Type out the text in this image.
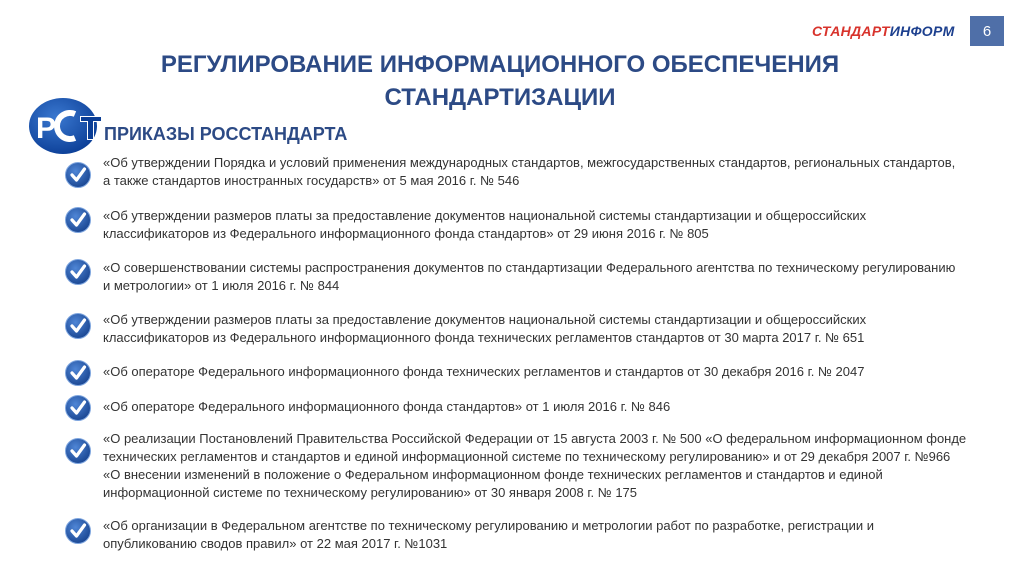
СТАНДАРТИНФОРМ	6
РЕГУЛИРОВАНИЕ ИНФОРМАЦИОННОГО ОБЕСПЕЧЕНИЯ
СТАНДАРТИЗАЦИИ
Р	ПРИКАЗЫ РОССТАНДАРТА
«Об утверждении Порядка и условий применения международных стандартов, межгосударственных стандартов, региональных стандартов,
а также стандартов иностранных государств» от 5 мая 2016 г. № 546
«Об утверждении размеров платы за предоставление документов национальной системы стандартизации и общероссийских
классификаторов из Федерального информационного фонда стандартов» от 29 июня 2016 г. № 805
«О совершенствовании системы распространения документов по стандартизации Федерального агентства по техническому регулированию
и метрологии» от 1 июля 2016 г. № 844
«Об утверждении размеров платы за предоставление документов национальной системы стандартизации и общероссийских
классификаторов из Федерального информационного фонда технических регламентов стандартов от 30 марта 2017 г. № 651
«Об операторе Федерального информационного фонда технических регламентов и стандартов от 30 декабря 2016 г. № 2047
«Об операторе Федерального информационного фонда стандартов» от 1 июля 2016 г. № 846
«О реализации Постановлений Правительства Российской Федерации от 15 августа 2003 г. № 500 «О федеральном информационном фонде
технических регламентов и стандартов и единой информационной системе по техническому регулированию» и от 29 декабря 2007 г. №966
«О внесении изменений в положение о Федеральном информационном фонде технических регламентов и стандартов и единой
информационной системе по техническому регулированию» от 30 января 2008 г. № 175
«Об организации в Федеральном агентстве по техническому регулированию и метрологии работ по разработке, регистрации и
опубликованию сводов правил» от 22 мая 2017 г. №1031
